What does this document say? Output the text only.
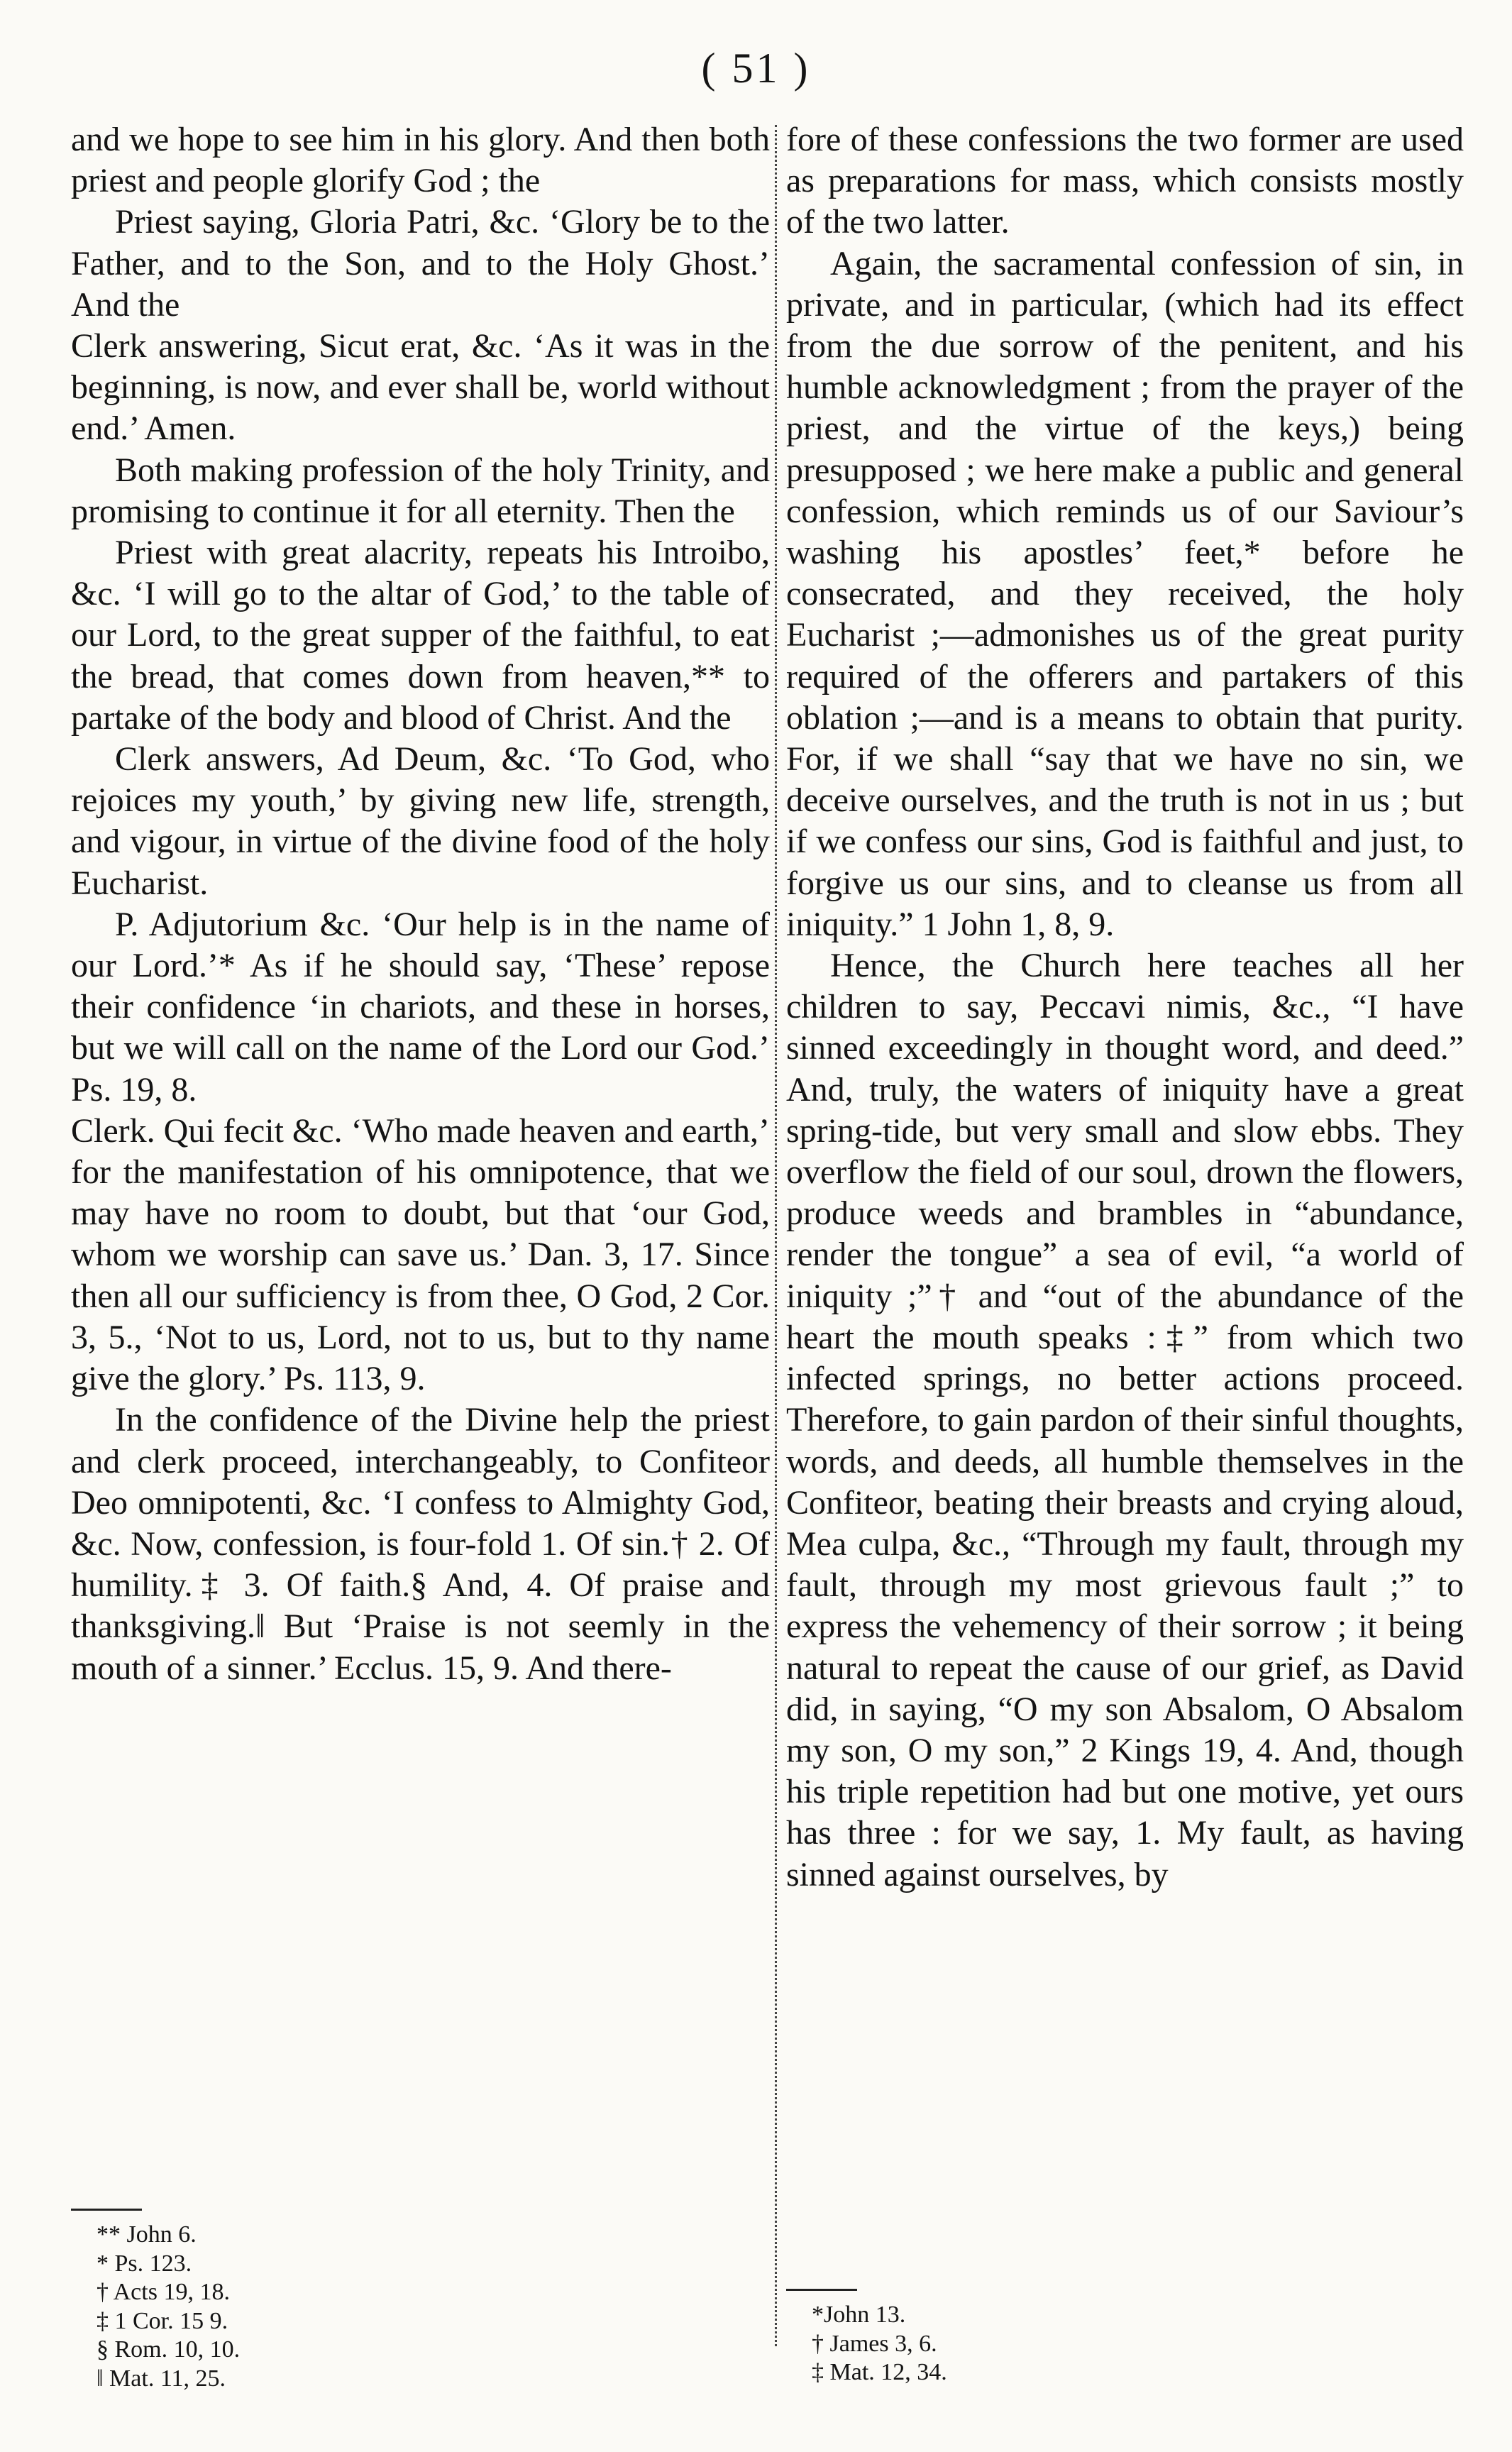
( 51 )

and we hope to see him in his glory. And then both priest and people glorify God ; the

Priest saying, Gloria Patri, &c. ‘Glory be to the Father, and to the Son, and to the Holy Ghost.’ And the

Clerk answering, Sicut erat, &c. ‘As it was in the beginning, is now, and ever shall be, world without end.’ Amen.

Both making profession of the holy Trinity, and promising to continue it for all eternity. Then the

Priest with great alacrity, repeats his Introibo, &c. ‘I will go to the altar of God,’ to the table of our Lord, to the great supper of the faithful, to eat the bread, that comes down from heaven,** to partake of the body and blood of Christ. And the

Clerk answers, Ad Deum, &c. ‘To God, who rejoices my youth,’ by giving new life, strength, and vigour, in virtue of the divine food of the holy Eucharist.

P. Adjutorium &c. ‘Our help is in the name of our Lord.’* As if he should say, ‘These’ repose their confidence ‘in chariots, and these in horses, but we will call on the name of the Lord our God.’ Ps. 19, 8.

Clerk. Qui fecit &c. ‘Who made heaven and earth,’ for the manifestation of his omnipotence, that we may have no room to doubt, but that ‘our God, whom we worship can save us.’ Dan. 3, 17. Since then all our sufficiency is from thee, O God, 2 Cor. 3, 5., ‘Not to us, Lord, not to us, but to thy name give the glory.’ Ps. 113, 9.

In the confidence of the Divine help the priest and clerk proceed, interchangeably, to Confiteor Deo omnipotenti, &c. ‘I confess to Almighty God, &c. Now, confession, is four-fold 1. Of sin.† 2. Of humility.‡ 3. Of faith.§ And, 4. Of praise and thanksgiving.‖ But ‘Praise is not seemly in the mouth of a sinner.’ Ecclus. 15, 9. And there-

fore of these confessions the two former are used as preparations for mass, which consists mostly of the two latter.

Again, the sacramental confession of sin, in private, and in particular, (which had its effect from the due sorrow of the penitent, and his humble acknowledgment ; from the prayer of the priest, and the virtue of the keys,) being presupposed ; we here make a public and general confession, which reminds us of our Saviour’s washing his apostles’ feet,* before he consecrated, and they received, the holy Eucharist ;—admonishes us of the great purity required of the offerers and partakers of this oblation ;—and is a means to obtain that purity. For, if we shall “say that we have no sin, we deceive ourselves, and the truth is not in us ; but if we confess our sins, God is faithful and just, to forgive us our sins, and to cleanse us from all iniquity.” 1 John 1, 8, 9.

Hence, the Church here teaches all her children to say, Peccavi nimis, &c., “I have sinned exceedingly in thought word, and deed.” And, truly, the waters of iniquity have a great spring-tide, but very small and slow ebbs. They overflow the field of our soul, drown the flowers, produce weeds and brambles in “abundance, render the tongue” a sea of evil, “a world of iniquity ;”† and “out of the abundance of the heart the mouth speaks :‡” from which two infected springs, no better actions proceed. Therefore, to gain pardon of their sinful thoughts, words, and deeds, all humble themselves in the Confiteor, beating their breasts and crying aloud, Mea culpa, &c., “Through my fault, through my fault, through my most grievous fault ;” to express the vehemency of their sorrow ; it being natural to repeat the cause of our grief, as David did, in saying, “O my son Absalom, O Absalom my son, O my son,” 2 Kings 19, 4. And, though his triple repetition had but one motive, yet ours has three : for we say, 1. My fault, as having sinned against ourselves, by

** John 6.
* Ps. 123.
† Acts 19, 18.
‡ 1 Cor. 15 9.
§ Rom. 10, 10.
‖ Mat. 11, 25.
*John 13.
† James 3, 6.
‡ Mat. 12, 34.
